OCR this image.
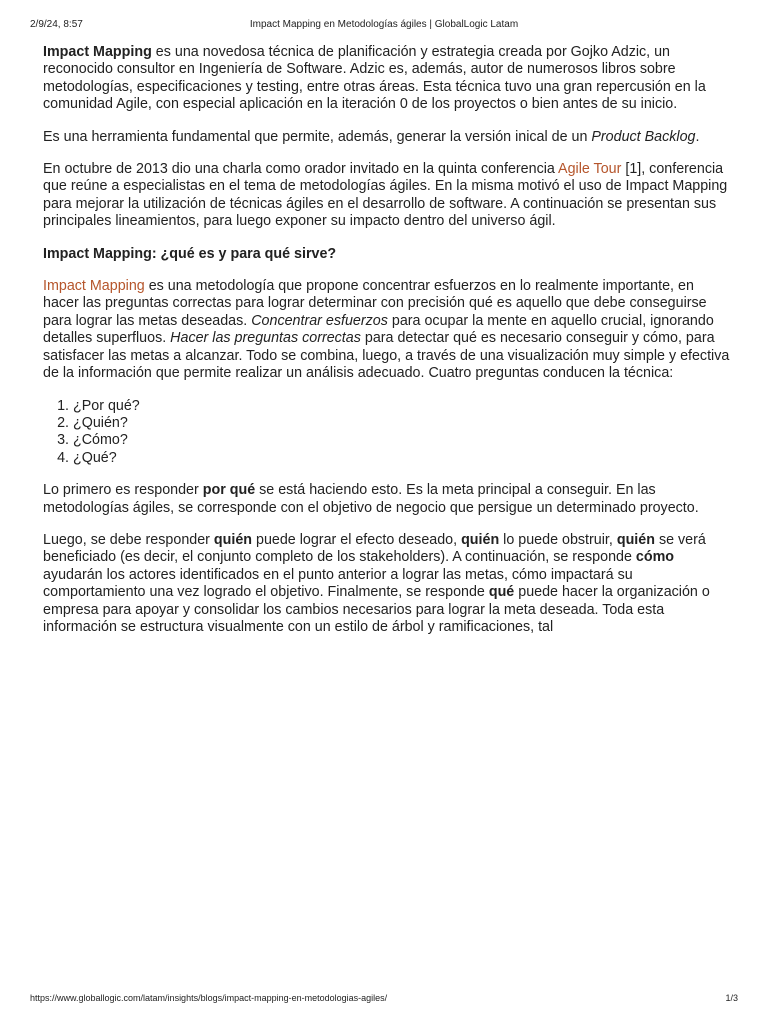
2/9/24, 8:57	Impact Mapping en Metodologías ágiles | GlobalLogic Latam

Impact Mapping es una novedosa técnica de planificación y estrategia creada por Gojko Adzic, un reconocido consultor en Ingeniería de Software. Adzic es, además, autor de numerosos libros sobre metodologías, especificaciones y testing, entre otras áreas. Esta técnica tuvo una gran repercusión en la comunidad Agile, con especial aplicación en la iteración 0 de los proyectos o bien antes de su inicio.

Es una herramienta fundamental que permite, además, generar la versión inical de un Product Backlog.

En octubre de 2013 dio una charla como orador invitado en la quinta conferencia Agile Tour [1], conferencia que reúne a especialistas en el tema de metodologías ágiles. En la misma motivó el uso de Impact Mapping para mejorar la utilización de técnicas ágiles en el desarrollo de software. A continuación se presentan sus principales lineamientos, para luego exponer su impacto dentro del universo ágil.

Impact Mapping: ¿qué es y para qué sirve?

Impact Mapping es una metodología que propone concentrar esfuerzos en lo realmente importante, en hacer las preguntas correctas para lograr determinar con precisión qué es aquello que debe conseguirse para lograr las metas deseadas. Concentrar esfuerzos para ocupar la mente en aquello crucial, ignorando detalles superfluos. Hacer las preguntas correctas para detectar qué es necesario conseguir y cómo, para satisfacer las metas a alcanzar. Todo se combina, luego, a través de una visualización muy simple y efectiva de la información que permite realizar un análisis adecuado. Cuatro preguntas conducen la técnica:

1. ¿Por qué?
2. ¿Quién?
3. ¿Cómo?
4. ¿Qué?

Lo primero es responder por qué se está haciendo esto. Es la meta principal a conseguir. En las metodologías ágiles, se corresponde con el objetivo de negocio que persigue un determinado proyecto.

Luego, se debe responder quién puede lograr el efecto deseado, quién lo puede obstruir, quién se verá beneficiado (es decir, el conjunto completo de los stakeholders). A continuación, se responde cómo ayudarán los actores identificados en el punto anterior a lograr las metas, cómo impactará su comportamiento una vez logrado el objetivo. Finalmente, se responde qué puede hacer la organización o empresa para apoyar y consolidar los cambios necesarios para lograr la meta deseada. Toda esta información se estructura visualmente con un estilo de árbol y ramificaciones, tal

https://www.globallogic.com/latam/insights/blogs/impact-mapping-en-metodologias-agiles/	1/3
